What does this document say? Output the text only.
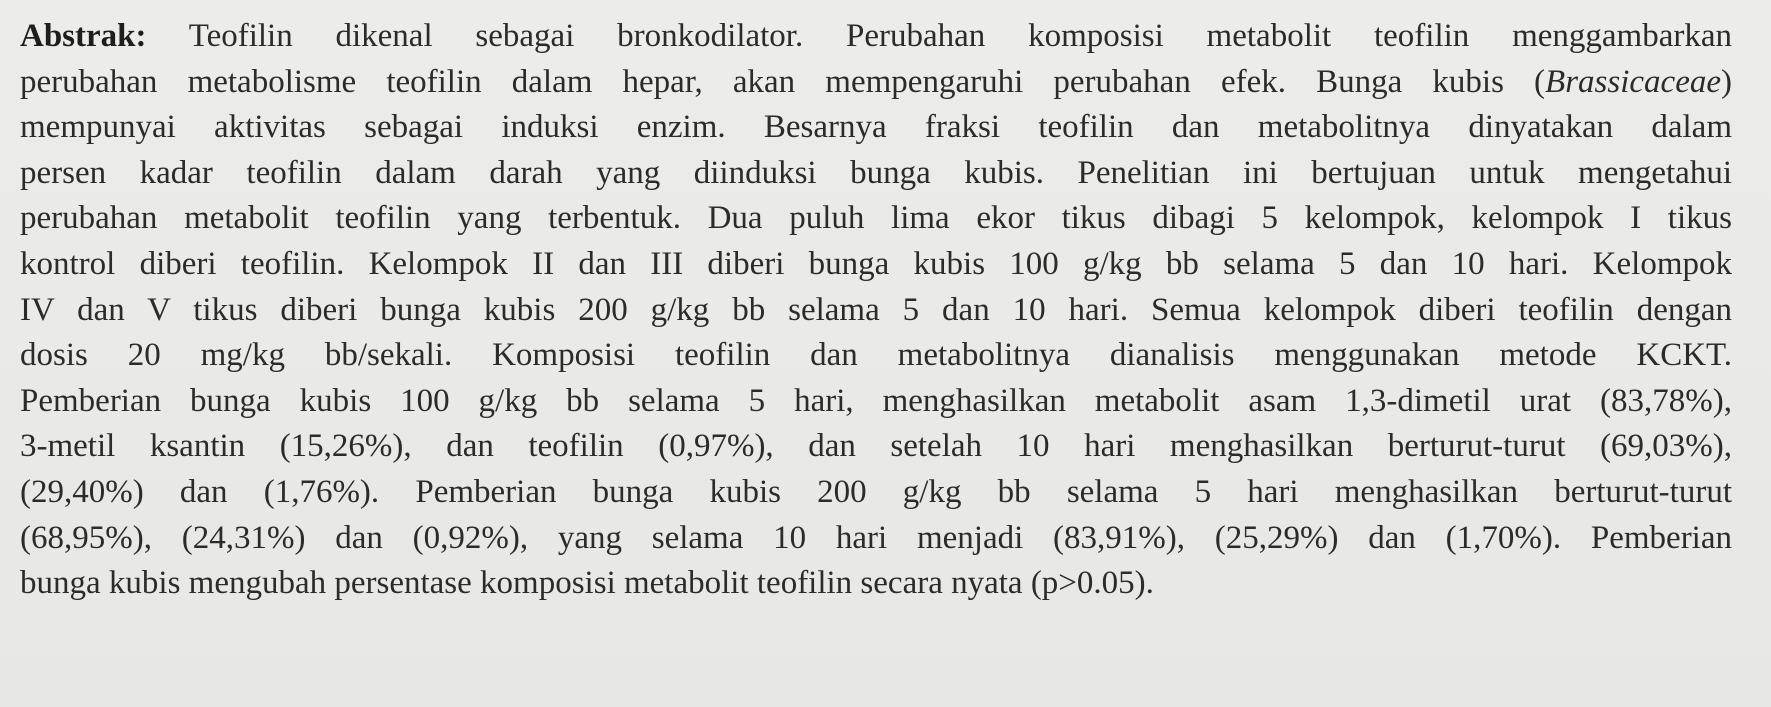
Abstrak: Teofilin dikenal sebagai bronkodilator. Perubahan komposisi metabolit teofilin menggambarkan
perubahan metabolisme teofilin dalam hepar, akan mempengaruhi perubahan efek. Bunga kubis (Brassicaceae)
mempunyai aktivitas sebagai induksi enzim. Besarnya fraksi teofilin dan metabolitnya dinyatakan dalam
persen kadar teofilin dalam darah yang diinduksi bunga kubis. Penelitian ini bertujuan untuk mengetahui
perubahan metabolit teofilin yang terbentuk. Dua puluh lima ekor tikus dibagi 5 kelompok, kelompok I tikus
kontrol diberi teofilin. Kelompok II dan III diberi bunga kubis 100 g/kg bb selama 5 dan 10 hari. Kelompok
IV dan V tikus diberi bunga kubis 200 g/kg bb selama 5 dan 10 hari. Semua kelompok diberi teofilin dengan
dosis 20 mg/kg bb/sekali. Komposisi teofilin dan metabolitnya dianalisis menggunakan metode KCKT.
Pemberian bunga kubis 100 g/kg bb selama 5 hari, menghasilkan metabolit asam 1,3-dimetil urat (83,78%),
3-metil ksantin (15,26%), dan teofilin (0,97%), dan setelah 10 hari menghasilkan berturut-turut (69,03%),
(29,40%) dan (1,76%). Pemberian bunga kubis 200 g/kg bb selama 5 hari menghasilkan berturut-turut
(68,95%), (24,31%) dan (0,92%), yang selama 10 hari menjadi (83,91%), (25,29%) dan (1,70%). Pemberian
bunga kubis mengubah persentase komposisi metabolit teofilin secara nyata (p>0.05).
